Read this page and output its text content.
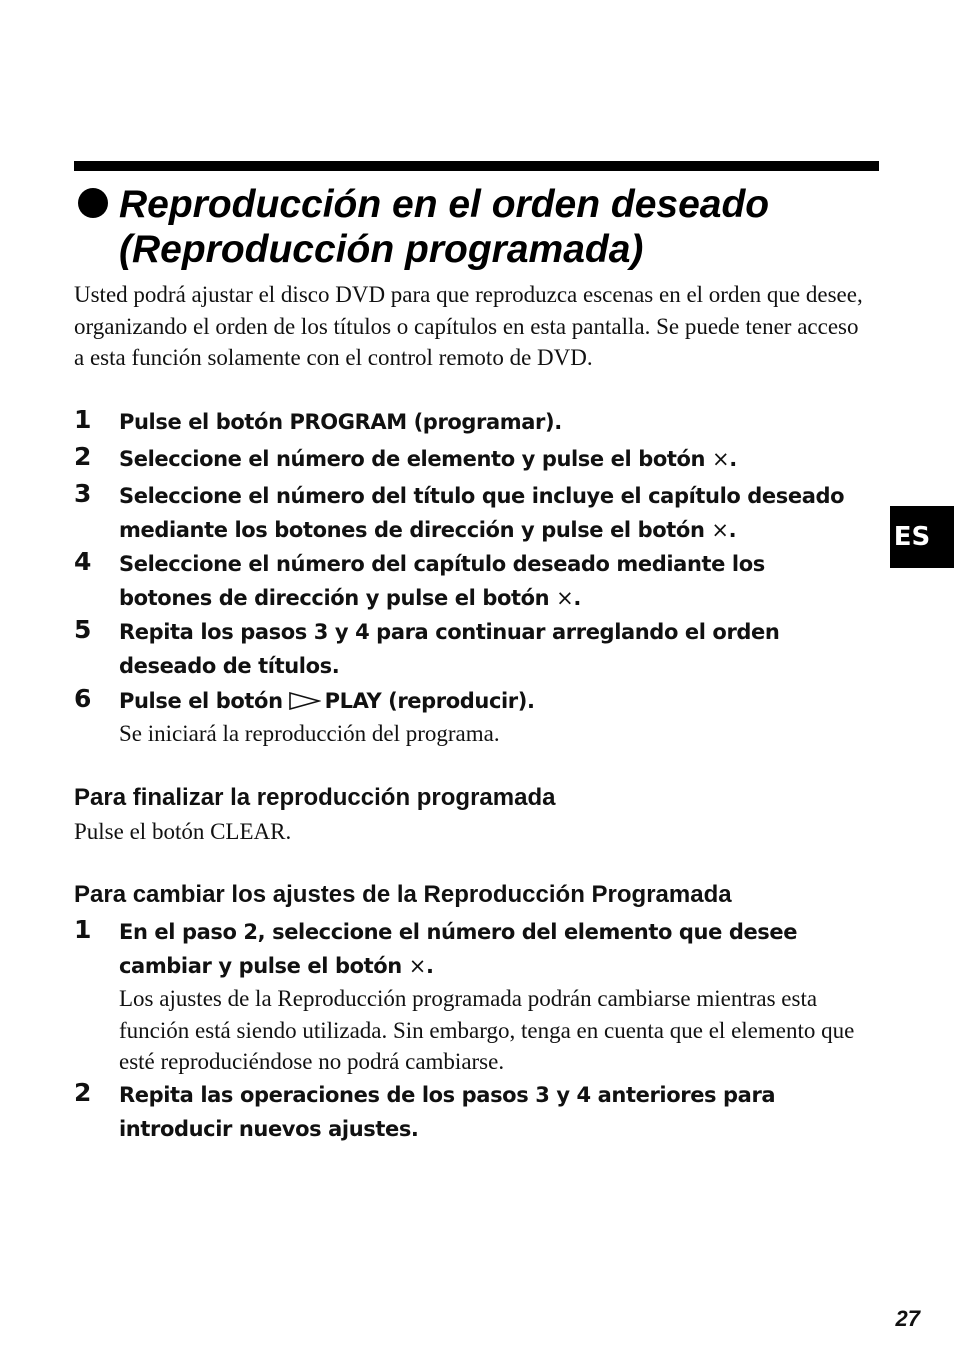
Reproducción en el orden deseado
(Reproducción programada)
Usted podrá ajustar el disco DVD para que reproduzca escenas en el orden que desee, organizando el orden de los títulos o capítulos en esta pantalla. Se puede tener acceso a esta función solamente con el control remoto de DVD.
1 Pulse el botón PROGRAM (programar).
2 Seleccione el número de elemento y pulse el botón ×.
3 Seleccione el número del título que incluye el capítulo deseado
mediante los botones de dirección y pulse el botón ×.
4 Seleccione el número del capítulo deseado mediante los
botones de dirección y pulse el botón ×.
5 Repita los pasos 3 y 4 para continuar arreglando el orden
deseado de títulos.
6 Pulse el botón PLAY (reproducir).
Se iniciará la reproducción del programa.
Para finalizar la reproducción programada
Pulse el botón CLEAR.
Para cambiar los ajustes de la Reproducción Programada
1 En el paso 2, seleccione el número del elemento que desee
cambiar y pulse el botón ×.
Los ajustes de la Reproducción programada podrán cambiarse mientras esta función está siendo utilizada. Sin embargo, tenga en cuenta que el elemento que esté reproduciéndose no podrá cambiarse.
2 Repita las operaciones de los pasos 3 y 4 anteriores para
introducir nuevos ajustes.
ES
27
